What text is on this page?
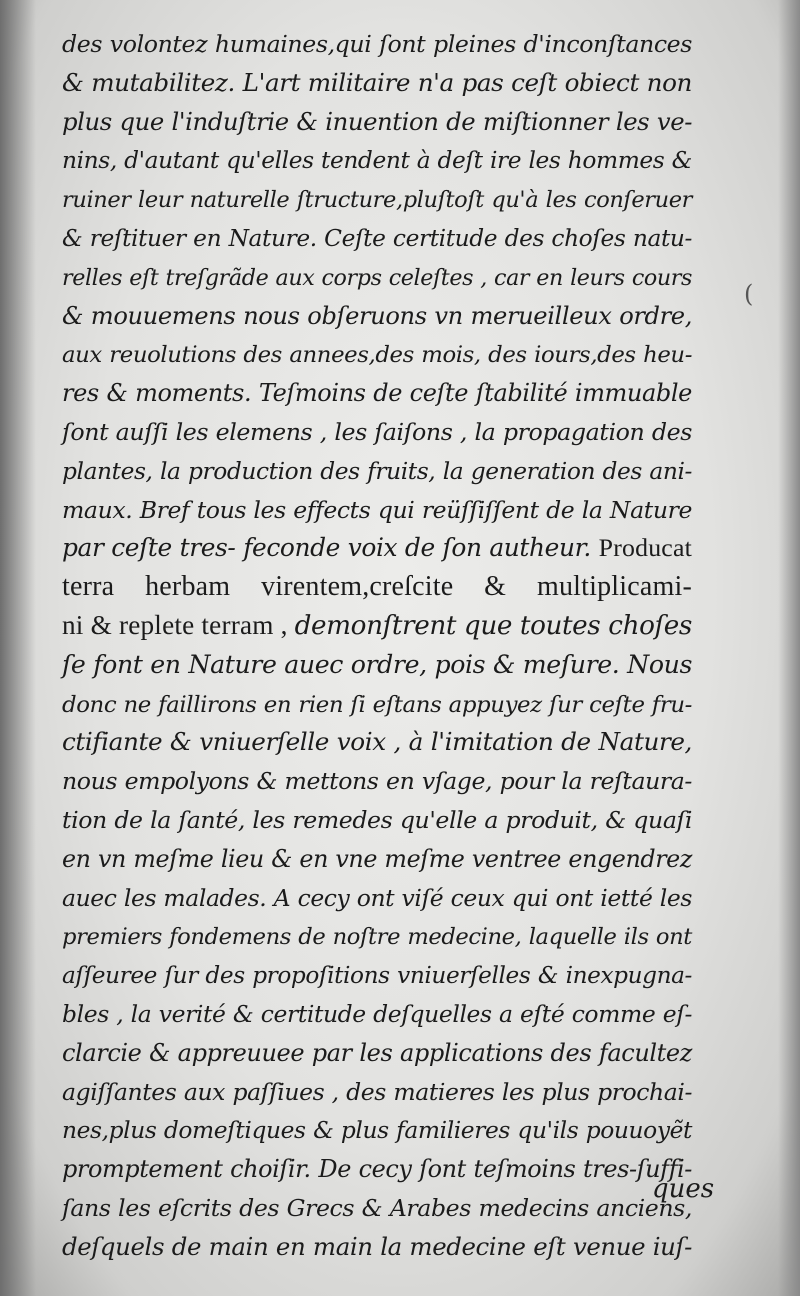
des volontez humaines,qui ſont pleines d'inconſtances
& mutabilitez. L'art militaire n'a pas ceſt obiect non
plus que l'induſtrie & inuention de miſtionner les ve-
nins, d'autant qu'elles tendent à deſt ire les hommes &
ruiner leur naturelle ſtructure,pluſtoſt qu'à les conſeruer
& reſtituer en Nature. Ceſte certitude des choſes natu-
relles eſt treſgrãde aux corps celeſtes , car en leurs cours
& mouuemens nous obſeruons vn merueilleux ordre,
aux reuolutions des annees,des mois, des iours,des heu-
res & moments. Teſmoins de ceſte ſtabilité immuable
ſont auſſi les elemens , les ſaiſons , la propagation des
plantes, la production des fruits, la generation des ani-
maux. Bref tous les effects qui reüſſiſſent de la Nature
par ceſte tres- feconde voix de ſon autheur. Producat
terra herbam virentem,creſcite & multiplicami-
ni & replete terram , demonſtrent que toutes choſes
ſe font en Nature auec ordre, pois & meſure. Nous
donc ne faillirons en rien ſi eſtans appuyez ſur ceſte fru-
ctifiante & vniuerſelle voix , à l'imitation de Nature,
nous empolyons & mettons en vſage, pour la reſtaura-
tion de la ſanté, les remedes qu'elle a produit, & quaſi
en vn meſme lieu & en vne meſme ventree engendrez
auec les malades. A cecy ont viſé ceux qui ont ietté les
premiers fondemens de noſtre medecine, laquelle ils ont
aſſeuree ſur des propoſitions vniuerſelles & inexpugna-
bles , la verité & certitude deſquelles a eſté comme eſ-
clarcie & appreuuee par les applications des facultez
agiſſantes aux paſſiues , des matieres les plus prochai-
nes,plus domeſtiques & plus familieres qu'ils pouuoyẽt
promptement choiſir. De cecy ſont teſmoins tres-ſuffi-
ſans les eſcrits des Grecs & Arabes medecins anciens,
deſquels de main en main la medecine eſt venue iuſ-
(
ques
